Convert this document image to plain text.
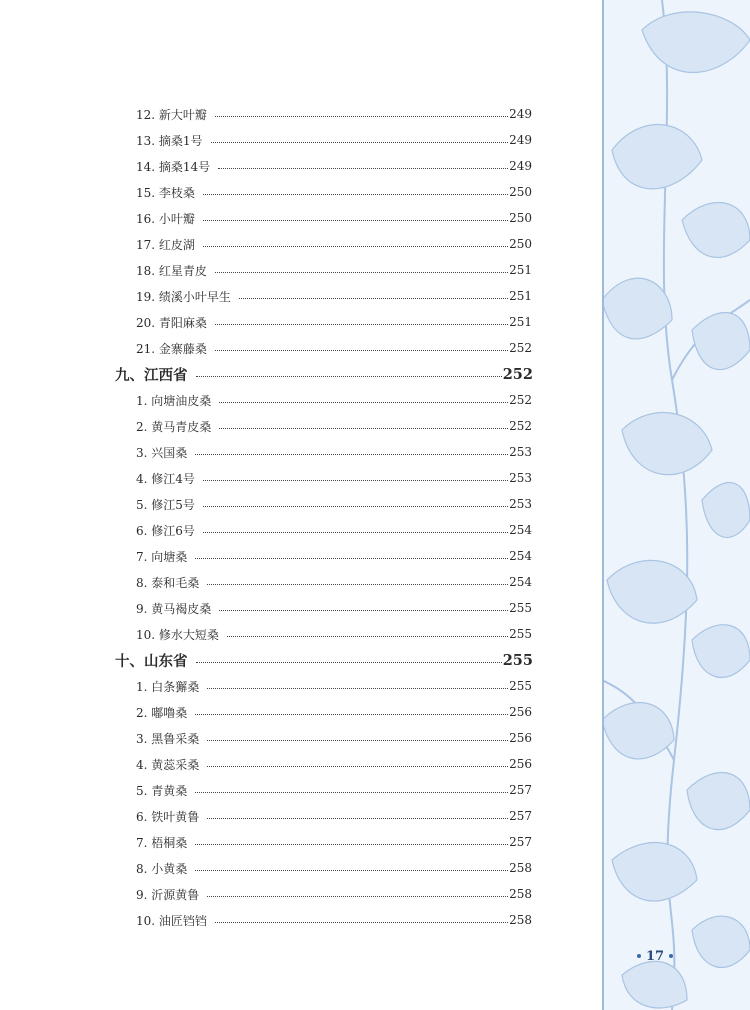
12. 新大叶瓣	249
13. 摘桑1号	249
14. 摘桑14号	249
15. 李枝桑	250
16. 小叶瓣	250
17. 红皮湖	250
18. 红星青皮	251
19. 绩溪小叶早生	251
20. 青阳麻桑	251
21. 金寨藤桑	252
九、江西省	252
1. 向塘油皮桑	252
2. 黄马青皮桑	252
3. 兴国桑	253
4. 修江4号	253
5. 修江5号	253
6. 修江6号	254
7. 向塘桑	254
8. 泰和毛桑	254
9. 黄马褐皮桑	255
10. 修水大短桑	255
十、山东省	255
1. 白条獬桑	255
2. 嘟噜桑	256
3. 黑鲁采桑	256
4. 黄蕊采桑	256
5. 青黄桑	257
6. 铁叶黄鲁	257
7. 梧桐桑	257
8. 小黄桑	258
9. 沂源黄鲁	258
10. 油匠铛铛	258
17
